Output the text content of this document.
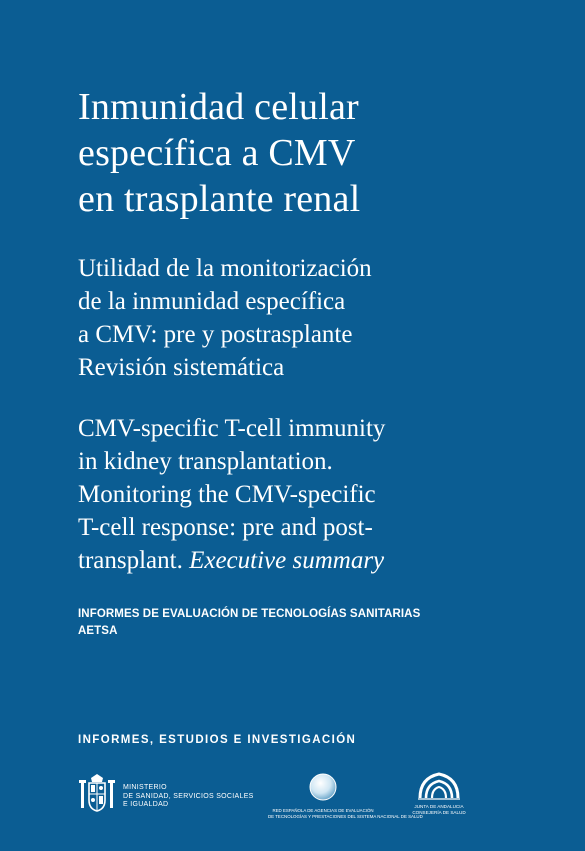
Inmunidad celular
específica a CMV
en trasplante renal
Utilidad de la monitorización
de la inmunidad específica
a CMV: pre y postrasplante
Revisión sistemática
CMV-specific T-cell immunity
in kidney transplantation.
Monitoring the CMV-specific
T-cell response: pre and post-
transplant. Executive summary
INFORMES DE EVALUACIÓN DE TECNOLOGÍAS SANITARIAS
AETSA
INFORMES, ESTUDIOS E INVESTIGACIÓN
MINISTERIO
DE SANIDAD, SERVICIOS SOCIALES
E IGUALDAD
RED ESPAÑOLA DE AGENCIAS DE EVALUACIÓN
DE TECNOLOGÍAS Y PRESTACIONES DEL SISTEMA NACIONAL DE SALUD
JUNTA DE ANDALUCIA
CONSEJERÍA DE SALUD
